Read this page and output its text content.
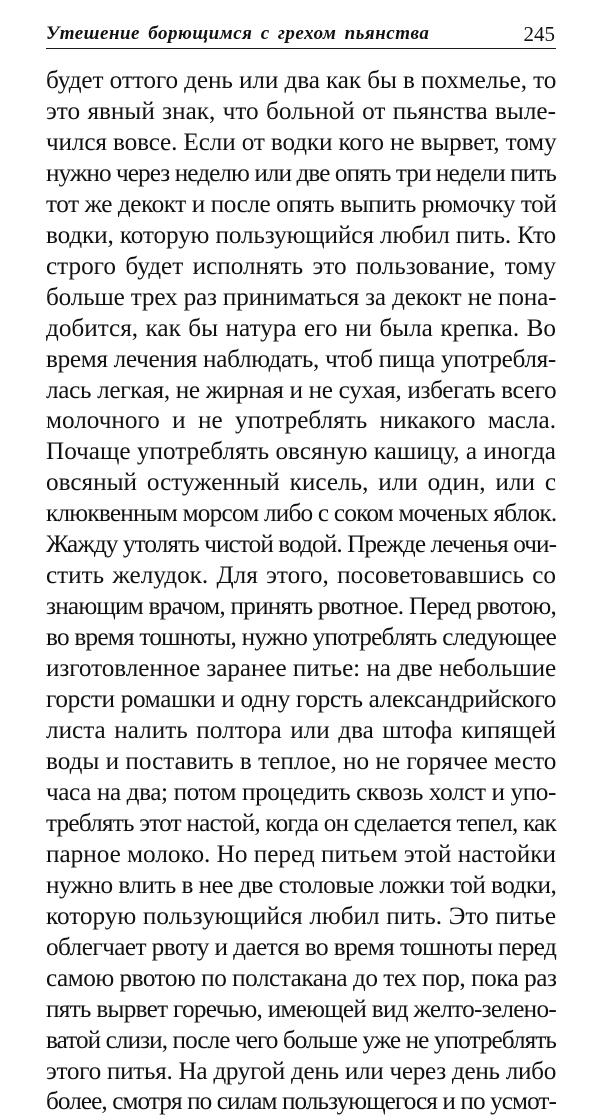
Утешение борющимся с грехом пьянства	245
будет оттого день или два как бы в похмелье, то
это явный знак, что больной от пьянства выле-
чился вовсе. Если от водки кого не вырвет, тому
нужно через неделю или две опять три недели пить
тот же декокт и после опять выпить рюмочку той
водки, которую пользующийся любил пить. Кто
строго будет исполнять это пользование, тому
больше трех раз приниматься за декокт не пона-
добится, как бы натура его ни была крепка. Во
время лечения наблюдать, чтоб пища употребля-
лась легкая, не жирная и не сухая, избегать всего
молочного и не употреблять никакого масла.
Почаще употреблять овсяную кашицу, а иногда
овсяный остуженный кисель, или один, или с
клюквенным морсом либо с соком моченых яблок.
Жажду утолять чистой водой. Прежде леченья очи-
стить желудок. Для этого, посоветовавшись со
знающим врачом, принять рвотное. Перед рвотою,
во время тошноты, нужно употреблять следующее
изготовленное заранее питье: на две небольшие
горсти ромашки и одну горсть александрийского
листа налить полтора или два штофа кипящей
воды и поставить в теплое, но не горячее место
часа на два; потом процедить сквозь холст и упо-
треблять этот настой, когда он сделается тепел, как
парное молоко. Но перед питьем этой настойки
нужно влить в нее две столовые ложки той водки,
которую пользующийся любил пить. Это питье
облегчает рвоту и дается во время тошноты перед
самою рвотою по полстакана до тех пор, пока раз
пять вырвет горечью, имеющей вид желто-зелено-
ватой слизи, после чего больше уже не употреблять
этого питья. На другой день или через день либо
более, смотря по силам пользующегося и по усмот-
